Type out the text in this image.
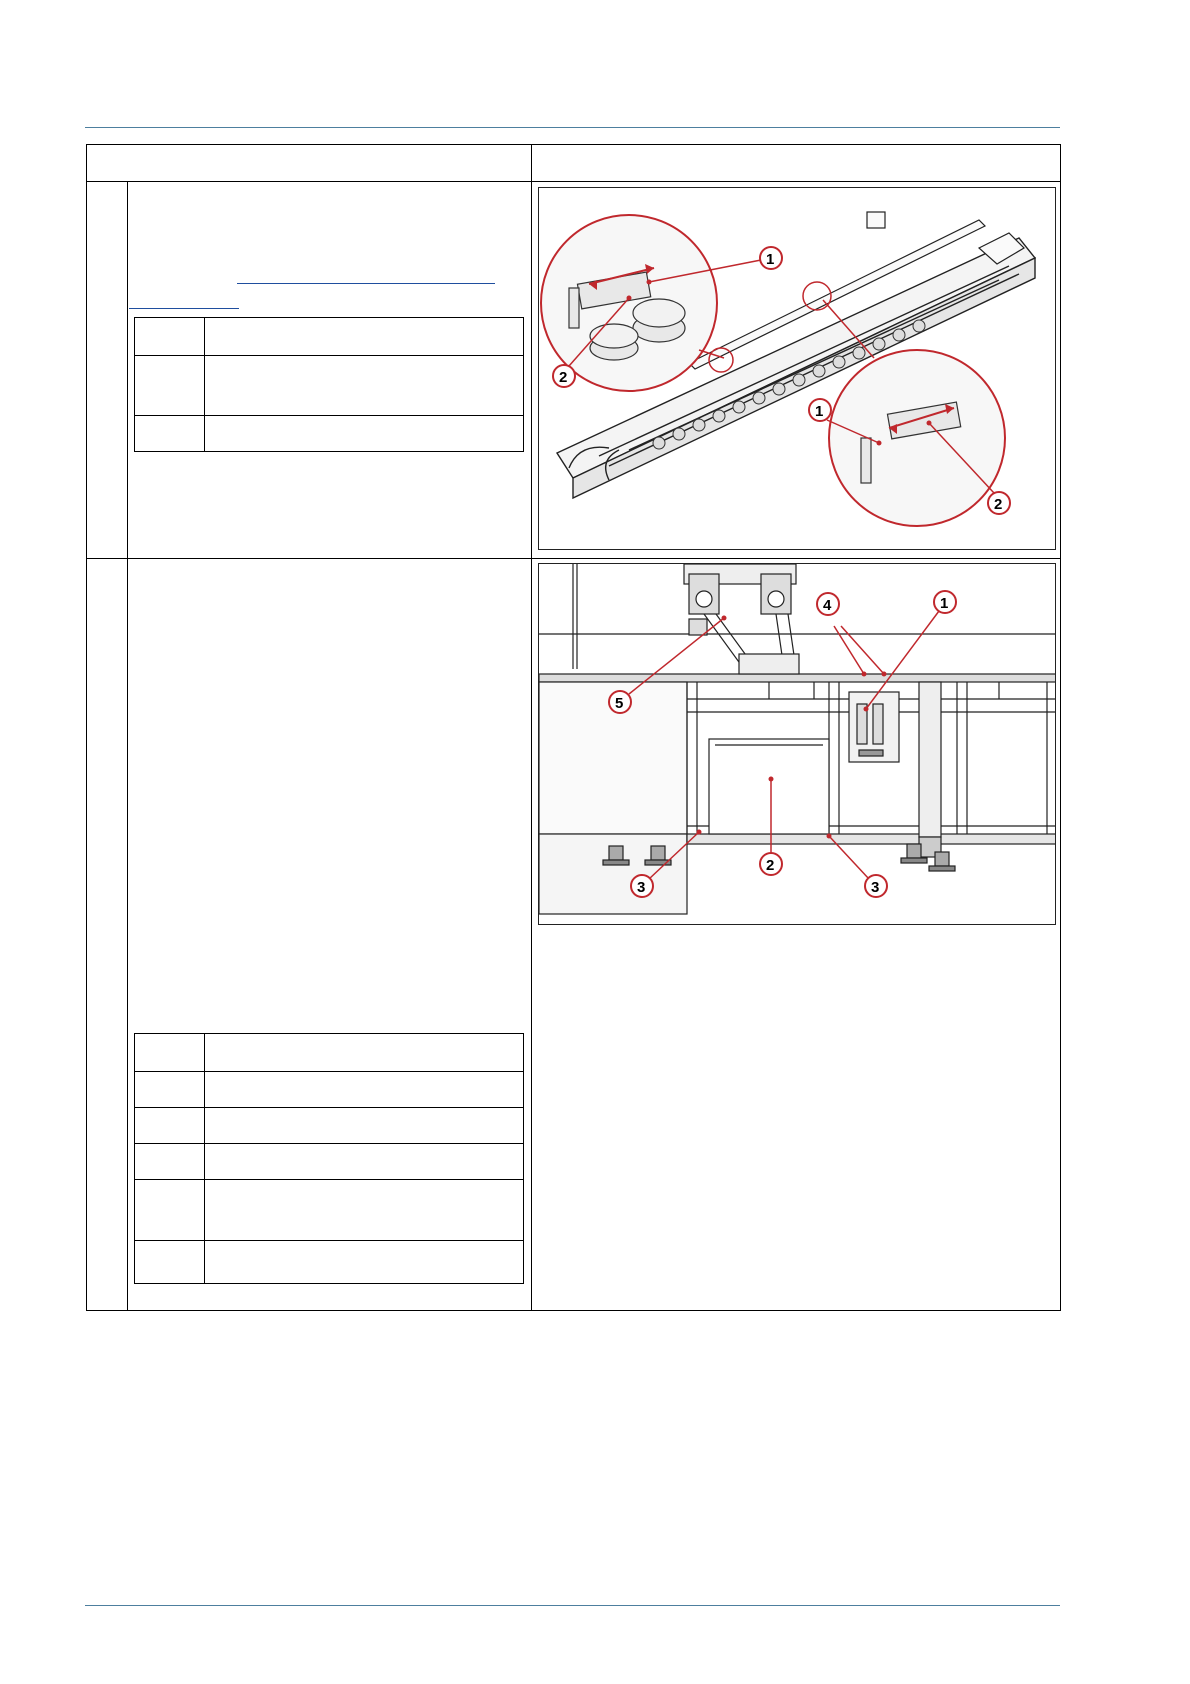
1
2
1
2
4	1
5
2
3	3
